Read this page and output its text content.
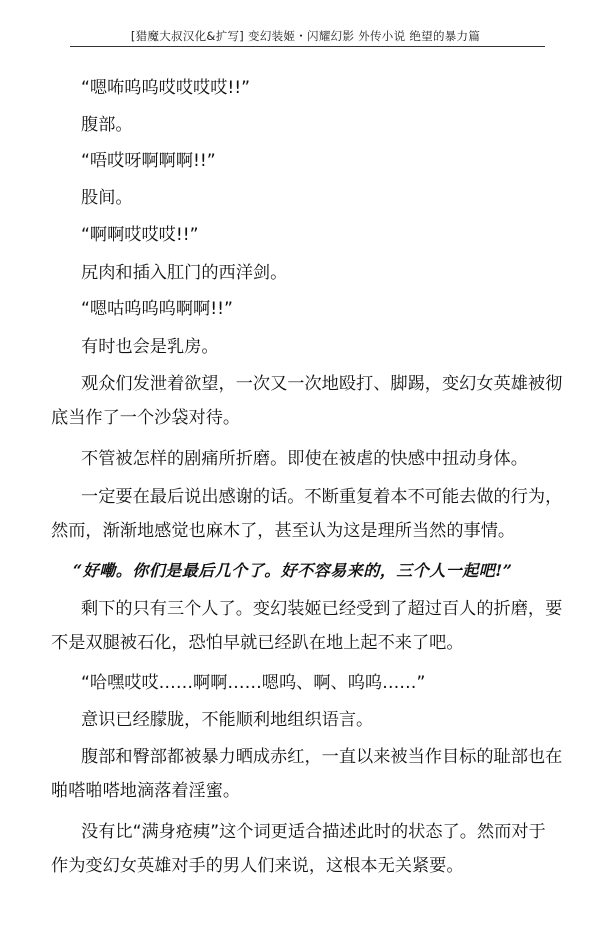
[猎魔大叔汉化&扩写] 变幻装姬・闪耀幻影 外传小说 绝望的暴力篇

“嗯咘呜呜哎哎哎哎!!”

腹部。

“唔哎呀啊啊啊!!”

股间。

“啊啊哎哎哎!!”

尻肉和插入肛门的西洋剑。

“嗯咕呜呜呜啊啊!!”

有时也会是乳房。

观众们发泄着欲望，一次又一次地殴打、脚踢，变幻女英雄被彻
底当作了一个沙袋对待。

不管被怎样的剧痛所折磨。即使在被虐的快感中扭动身体。

一定要在最后说出感谢的话。不断重复着本不可能去做的行为，
然而，渐渐地感觉也麻木了，甚至认为这是理所当然的事情。

“好嘞。你们是最后几个了。好不容易来的，三个人一起吧!”

剩下的只有三个人了。变幻装姬已经受到了超过百人的折磨，要
不是双腿被石化，恐怕早就已经趴在地上起不来了吧。

“哈嘿哎哎……啊啊……嗯呜、啊、呜呜……”

意识已经朦胧，不能顺利地组织语言。

腹部和臀部都被暴力晒成赤红，一直以来被当作目标的耻部也在
啪嗒啪嗒地滴落着淫蜜。

没有比“满身疮痍”这个词更适合描述此时的状态了。然而对于
作为变幻女英雄对手的男人们来说，这根本无关紧要。
